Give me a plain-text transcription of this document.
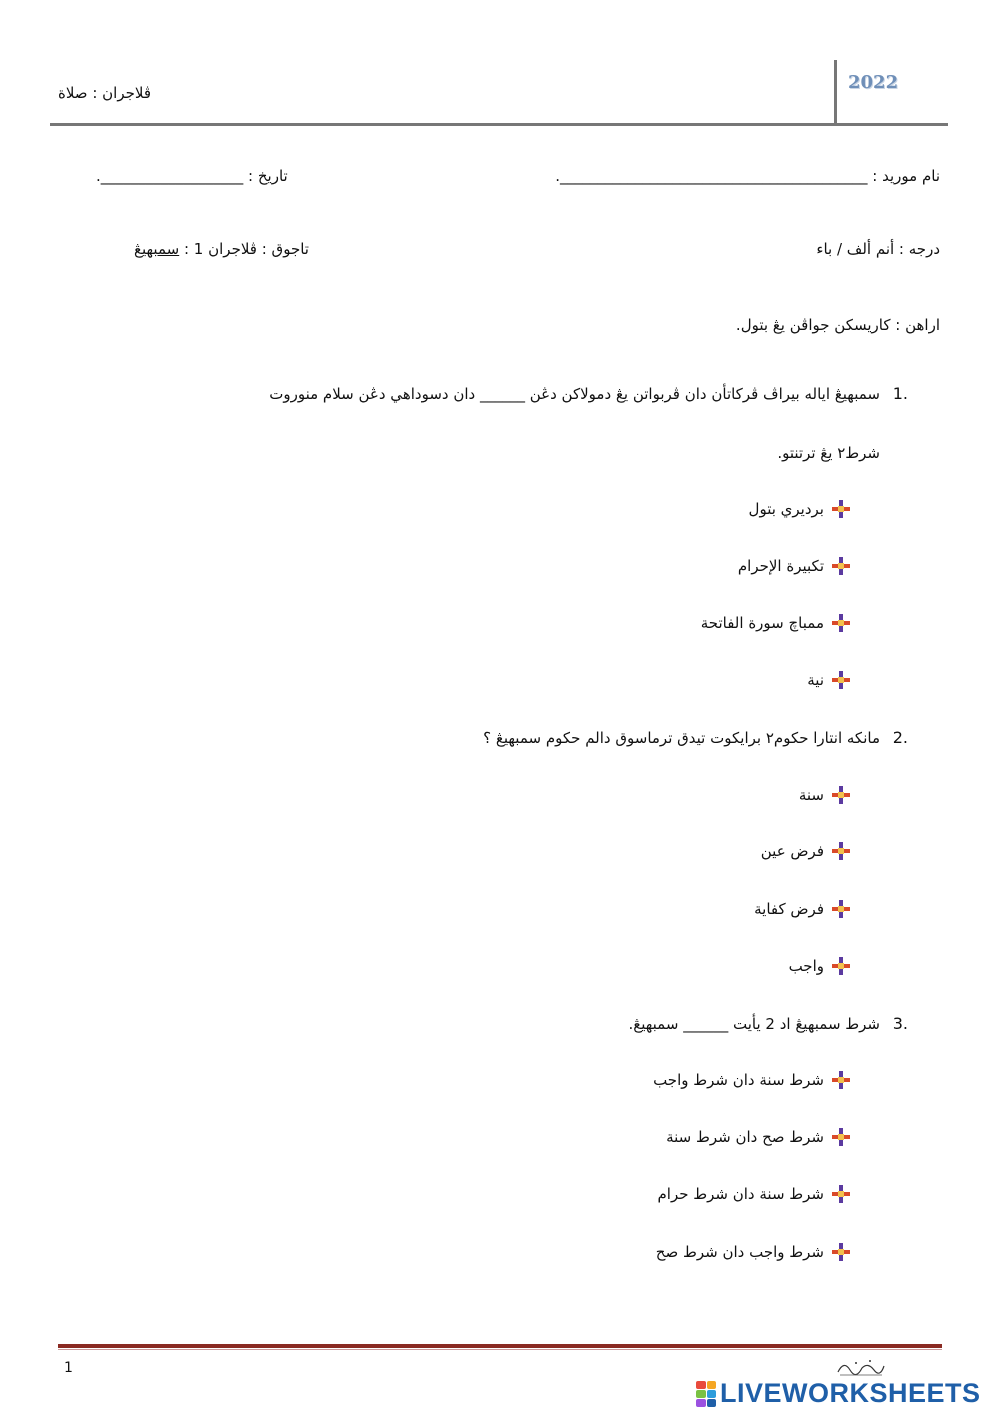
2022
ڤلاجران : صلاة
نام موريد : _________________________________________.
تاريخ : ___________________.
درجه : أنم ألف / باء
تاجوق : ڤلاجران 1 : سمبهيڠ
اراهن : کاريسکن جواڤن يڠ بتول.
1.
سمبهيڠ اياله بيراڤ ڤرکاتأن دان ڤربواتن يڠ دمولاکن دڠن ______ دان دسوداهي دڠن سلام منوروت
شرط٢ يڠ ترتنتو.
برديري بتول
تکبيرة الإحرام
ممباچ سورة الفاتحة
نية
2.
مانکه انتارا حکوم٢ برايکوت تيدق ترماسوق دالم حکوم سمبهيڠ ؟
سنة
فرض عين
فرض کفاية
واجب
3.
شرط سمبهيڠ اد 2 يأيت ______ سمبهيڠ.
شرط سنة دان شرط واجب
شرط صح دان شرط سنة
شرط سنة دان شرط حرام
شرط واجب دان شرط صح
1
LIVEWORKSHEETS
